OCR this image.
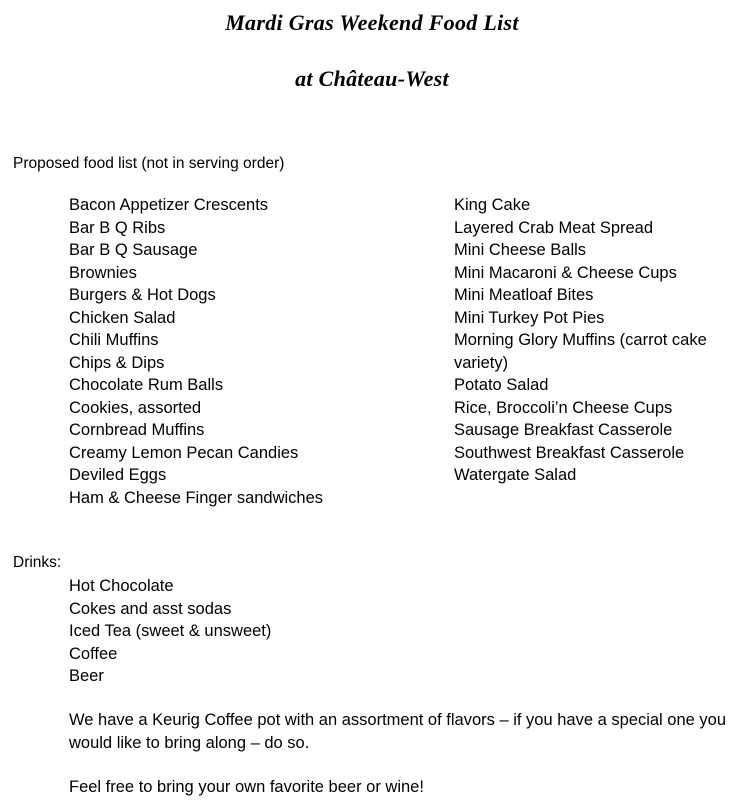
Mardi Gras Weekend Food List
at Château-West
Proposed food list (not in serving order)
Bacon Appetizer Crescents
Bar B Q Ribs
Bar B Q Sausage
Brownies
Burgers & Hot Dogs
Chicken Salad
Chili Muffins
Chips & Dips
Chocolate Rum Balls
Cookies, assorted
Cornbread Muffins
Creamy Lemon Pecan Candies
Deviled Eggs
Ham & Cheese Finger sandwiches
King Cake
Layered Crab Meat Spread
Mini Cheese Balls
Mini Macaroni & Cheese Cups
Mini Meatloaf Bites
Mini Turkey Pot Pies
Morning Glory Muffins (carrot cake variety)
Potato Salad
Rice, Broccoli’n Cheese Cups
Sausage Breakfast Casserole
Southwest Breakfast Casserole
Watergate Salad
Drinks:
Hot Chocolate
Cokes and asst sodas
Iced Tea (sweet & unsweet)
Coffee
Beer

We have a Keurig Coffee pot with an assortment of flavors – if you have a special one you would like to bring along – do so.

Feel free to bring your own favorite beer or wine!
